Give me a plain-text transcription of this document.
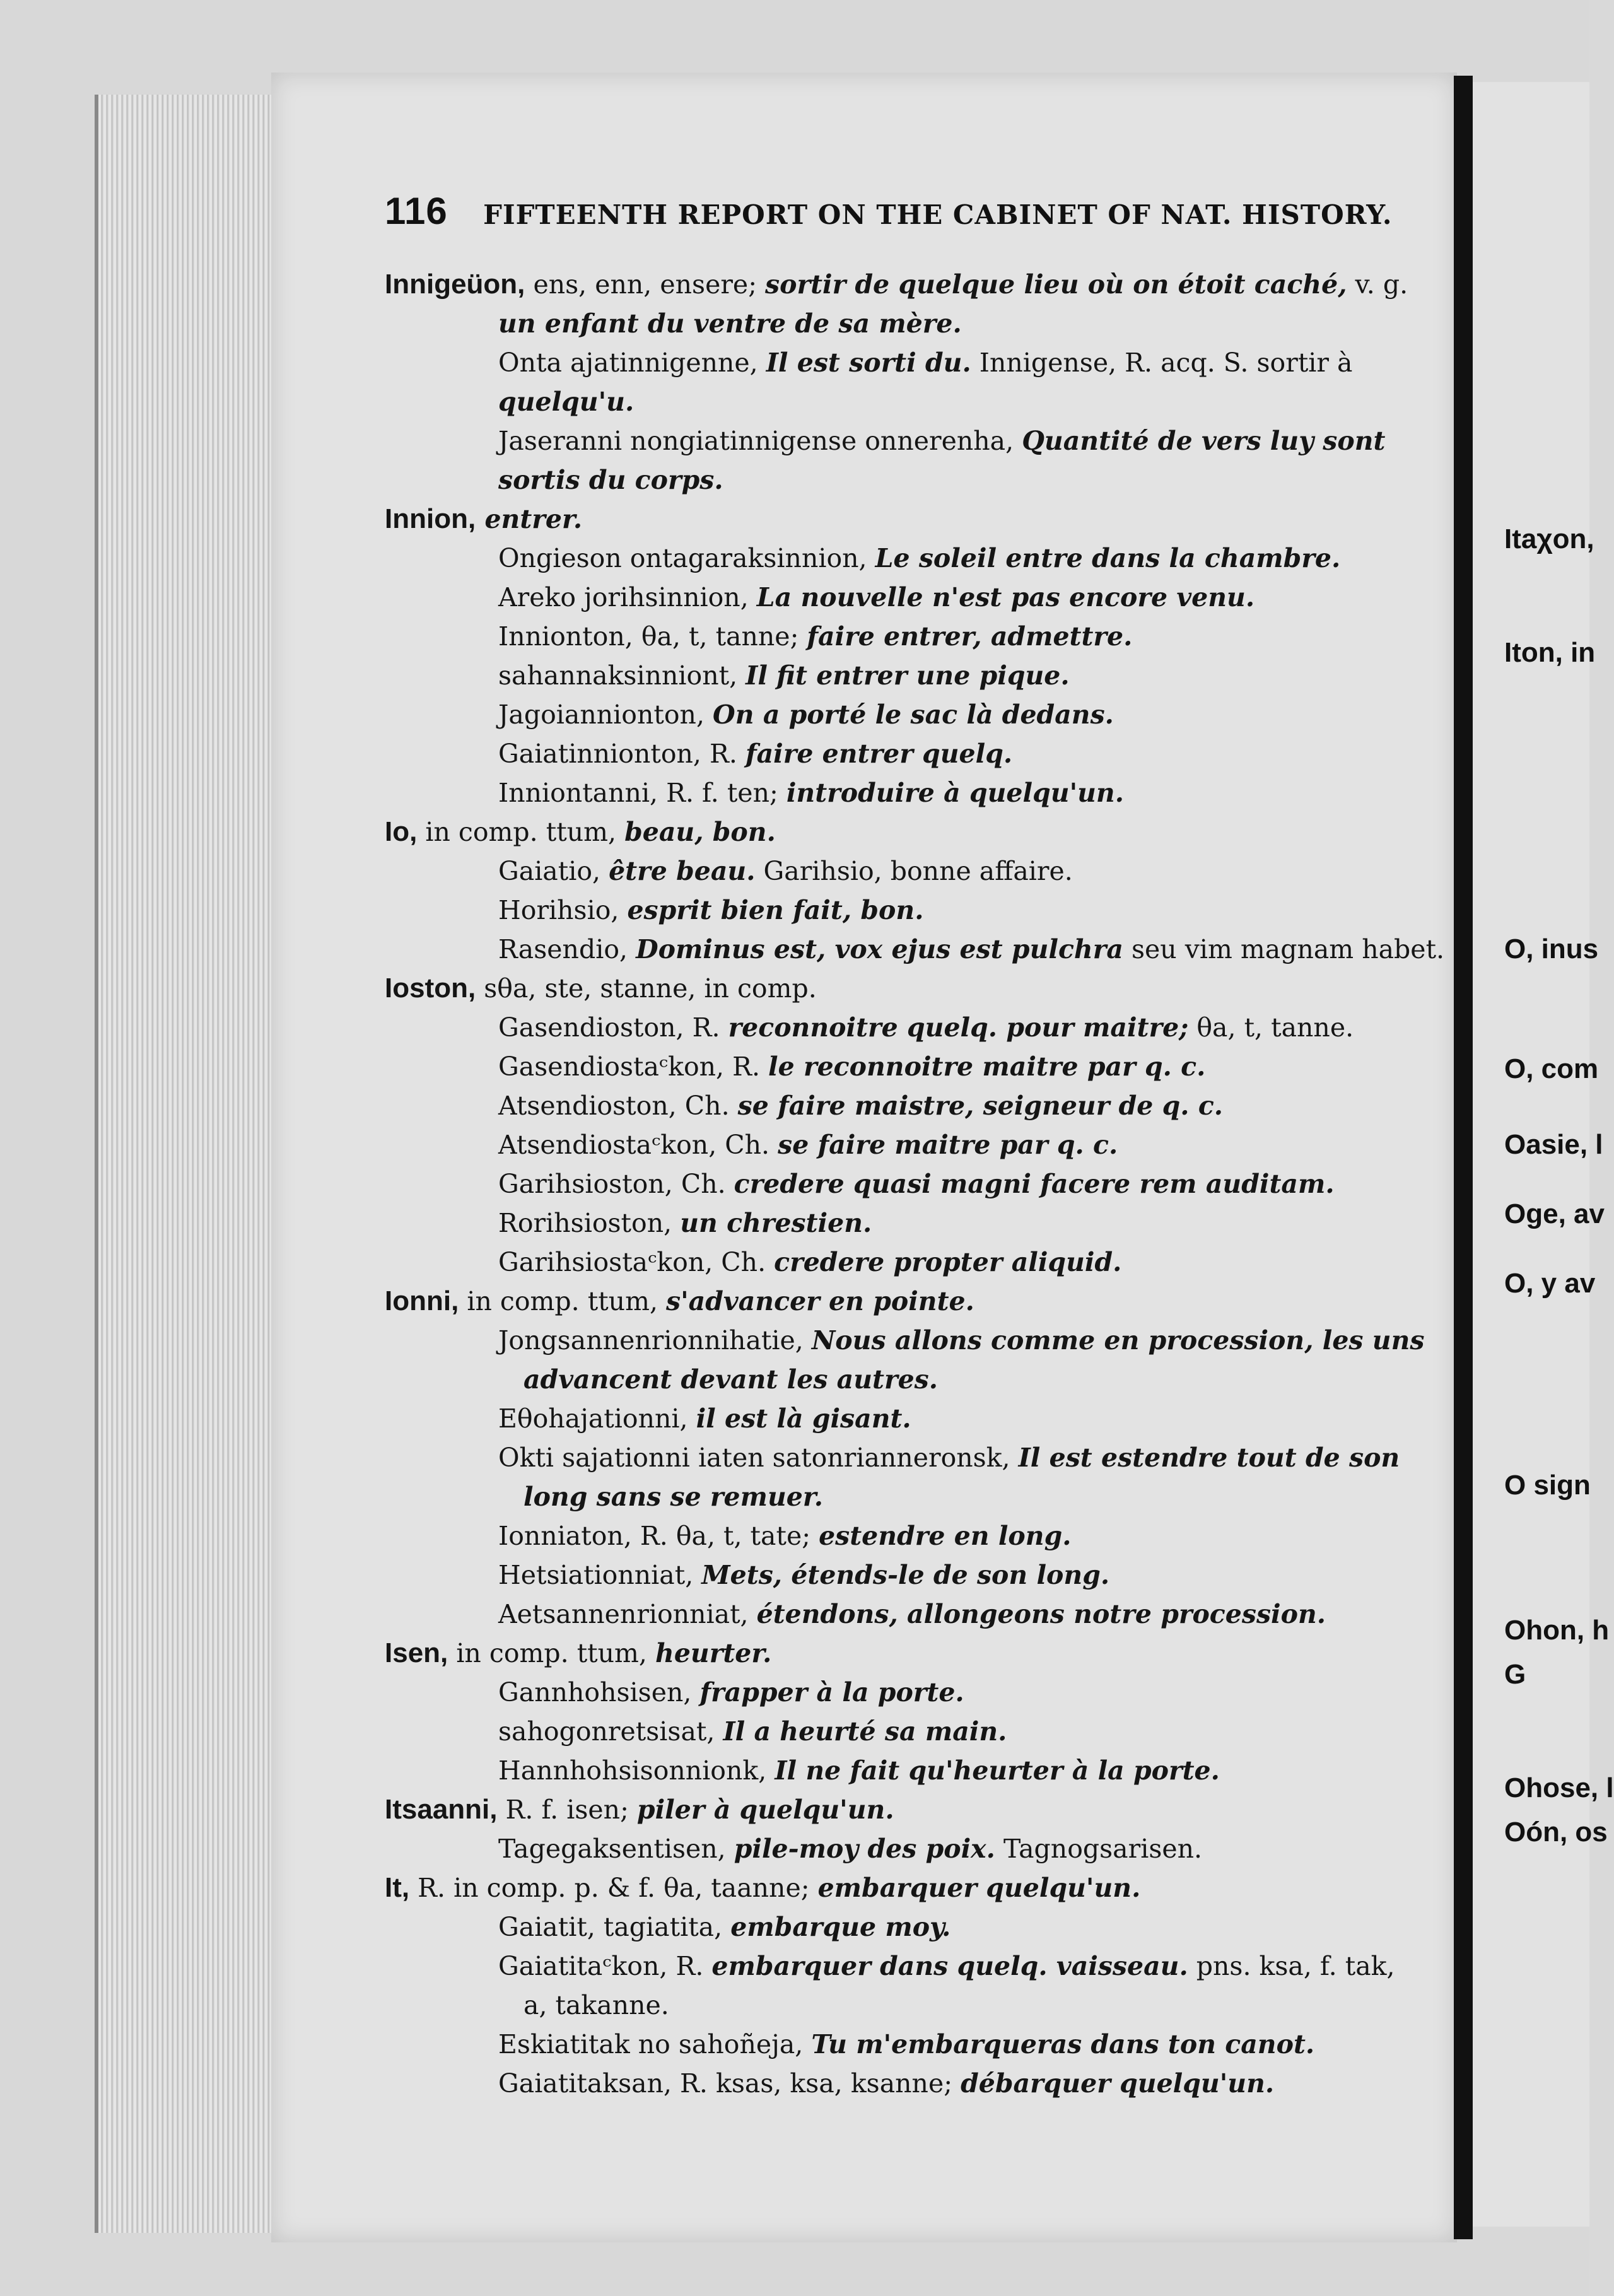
Itaχon,
Iton, in
O, inus
O, com
Oasie, l
Oge, av
O, y av
O sign
Ohon, h
G
Ohose, l
Oón, os
116 FIFTEENTH REPORT ON THE CABINET OF NAT. HISTORY.
Innigeüon, ens, enn, ensere; sortir de quelque lieu où on étoit caché, v. g.
un enfant du ventre de sa mère.
Onta ajatinnigenne, Il est sorti du. Innigense, R. acq. S. sortir à
quelqu'u.
Jaseranni nongiatinnigense onnerenha, Quantité de vers luy sont
sortis du corps.
Innion, entrer.
Ongieson ontagaraksinnion, Le soleil entre dans la chambre.
Areko jorihsinnion, La nouvelle n'est pas encore venu.
Innionton, θa, t, tanne; faire entrer, admettre.
sahannaksinniont, Il fit entrer une pique.
Jagoiannionton, On a porté le sac là dedans.
Gaiatinnionton, R. faire entrer quelq.
Inniontanni, R. f. ten; introduire à quelqu'un.
Io, in comp. ttum, beau, bon.
Gaiatio, être beau. Garihsio, bonne affaire.
Horihsio, esprit bien fait, bon.
Rasendio, Dominus est, vox ejus est pulchra seu vim magnam habet.
Ioston, sθa, ste, stanne, in comp.
Gasendioston, R. reconnoitre quelq. pour maitre; θa, t, tanne.
Gasendiostaᶜkon, R. le reconnoitre maitre par q. c.
Atsendioston, Ch. se faire maistre, seigneur de q. c.
Atsendiostaᶜkon, Ch. se faire maitre par q. c.
Garihsioston, Ch. credere quasi magni facere rem auditam.
Rorihsioston, un chrestien.
Garihsiostaᶜkon, Ch. credere propter aliquid.
Ionni, in comp. ttum, s'advancer en pointe.
Jongsannenrionnihatie, Nous allons comme en procession, les uns
advancent devant les autres.
Eθohajationni, il est là gisant.
Okti sajationni iaten satonriannеronsk, Il est estendre tout de son
long sans se remuer.
Ionniaton, R. θa, t, tate; estendre en long.
Hetsiationniat, Mets, étends-le de son long.
Aetsannenrionniat, étendons, allongeons notre procession.
Isen, in comp. ttum, heurter.
Gannhohsisen, frapper à la porte.
sahogonretsisat, Il a heurté sa main.
Hannhohsisonnionk, Il ne fait qu'heurter à la porte.
Itsaanni, R. f. isen; piler à quelqu'un.
Tagegaksentisen, pile-moy des poix. Tagnogsarisen.
It, R. in comp. p. & f. θa, taanne; embarquer quelqu'un.
Gaiatit, tagiatita, embarque moy.
Gaiatitaᶜkon, R. embarquer dans quelq. vaisseau. pns. ksa, f. tak,
a, takanne.
Eskiatitak no sahoñeja, Tu m'embarqueras dans ton canot.
Gaiatitaksan, R. ksas, ksa, ksanne; débarquer quelqu'un.
